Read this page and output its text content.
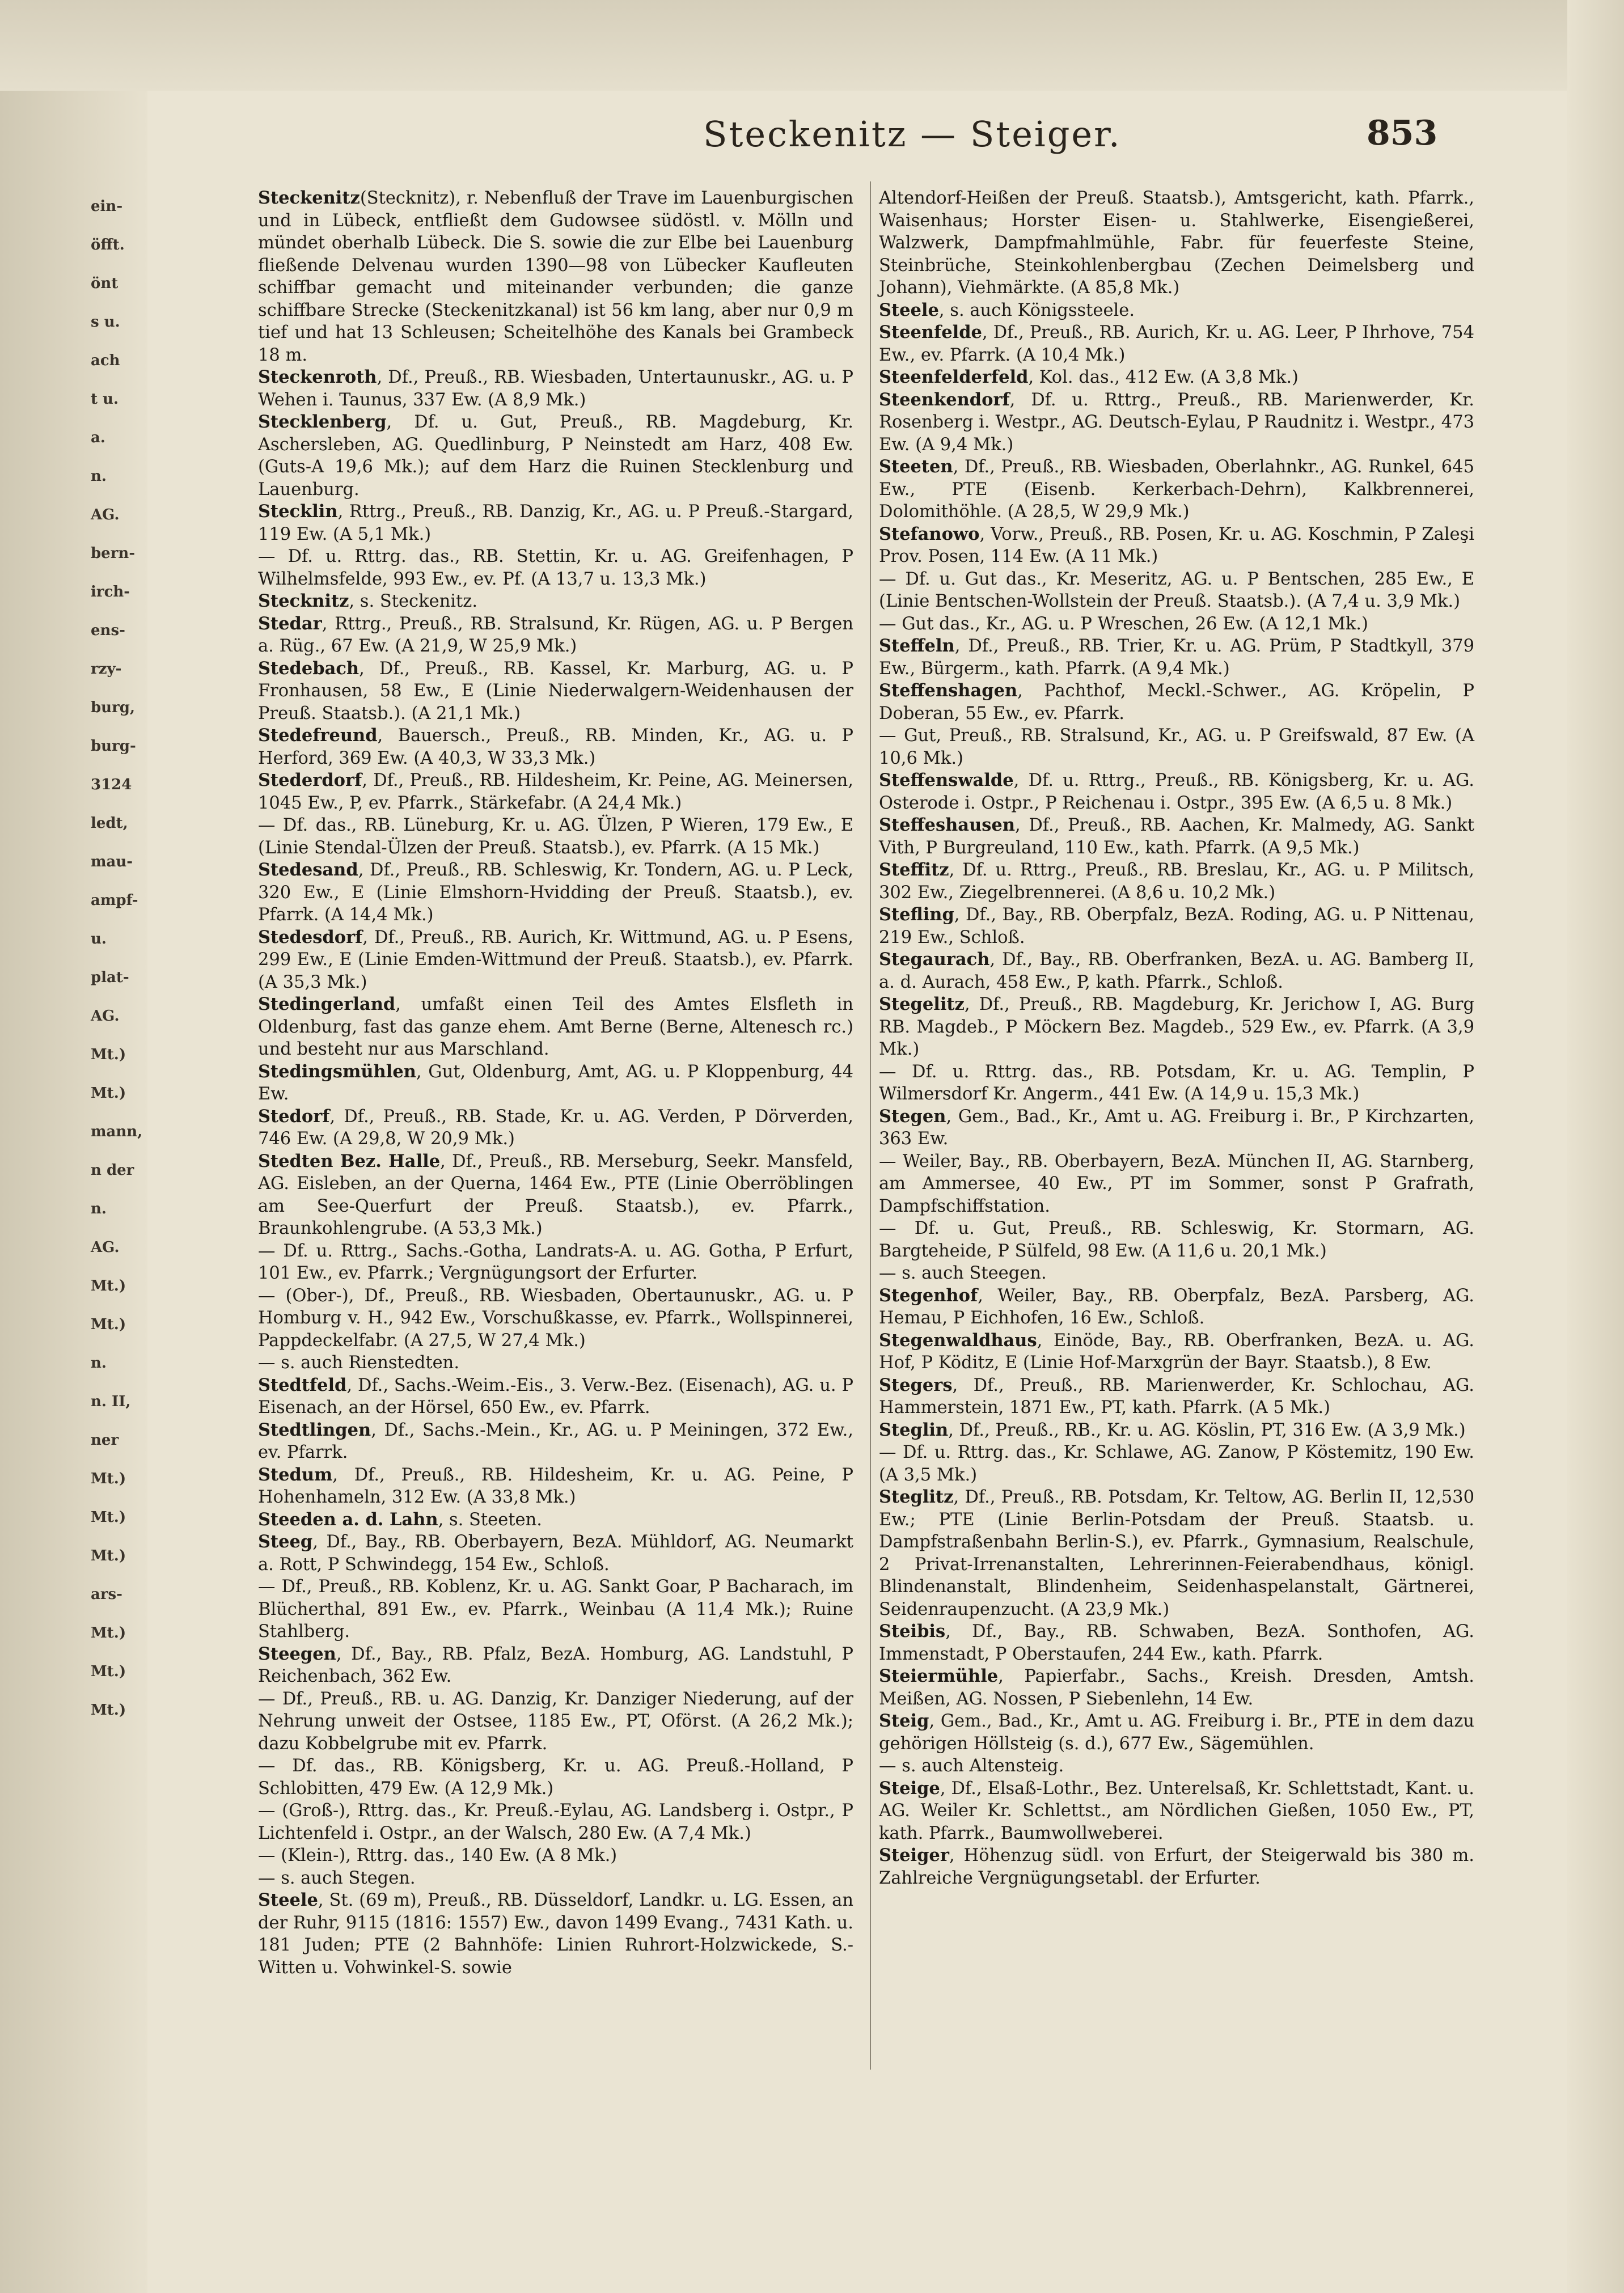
ein-
öfft.
önt
s u.
ach
t u.
a.
n.
AG.
bern-
irch-
ens-
rzy-
burg,
burg-
3124
ledt,
mau-
ampf-
u.
plat-
AG.
Mt.)
Mt.)
mann,
n der
n.
AG.
Mt.)
Mt.)
n.
n. II,
ner
Mt.)
Mt.)
Mt.)
ars-
Mt.)
Mt.)
Mt.)
Steckenitz — Steiger.	853

Steckenitz(Stecknitz), r. Nebenfluß der Trave im Lauenburgischen und in Lübeck, entfließt dem Gudowsee südöstl. v. Mölln und mündet oberhalb Lübeck. Die S. sowie die zur Elbe bei Lauenburg fließende Delvenau wurden 1390—98 von Lübecker Kaufleuten schiffbar gemacht und miteinander verbunden; die ganze schiffbare Strecke (Steckenitzkanal) ist 56 km lang, aber nur 0,9 m tief und hat 13 Schleusen; Scheitelhöhe des Kanals bei Grambeck 18 m.

Steckenroth, Df., Preuß., RB. Wiesbaden, Untertaunuskr., AG. u. P Wehen i. Taunus, 337 Ew. (A 8,9 Mk.)

Stecklenberg, Df. u. Gut, Preuß., RB. Magdeburg, Kr. Aschersleben, AG. Quedlinburg, P Neinstedt am Harz, 408 Ew. (Guts-A 19,6 Mk.); auf dem Harz die Ruinen Stecklenburg und Lauenburg.

Stecklin, Rttrg., Preuß., RB. Danzig, Kr., AG. u. P Preuß.-Stargard, 119 Ew. (A 5,1 Mk.)

— Df. u. Rttrg. das., RB. Stettin, Kr. u. AG. Greifenhagen, P Wilhelmsfelde, 993 Ew., ev. Pf. (A 13,7 u. 13,3 Mk.)

Stecknitz, s. Steckenitz.

Stedar, Rttrg., Preuß., RB. Stralsund, Kr. Rügen, AG. u. P Bergen a. Rüg., 67 Ew. (A 21,9, W 25,9 Mk.)

Stedebach, Df., Preuß., RB. Kassel, Kr. Marburg, AG. u. P Fronhausen, 58 Ew., E (Linie Niederwalgern-Weidenhausen der Preuß. Staatsb.). (A 21,1 Mk.)

Stedefreund, Bauersch., Preuß., RB. Minden, Kr., AG. u. P Herford, 369 Ew. (A 40,3, W 33,3 Mk.)

Stederdorf, Df., Preuß., RB. Hildesheim, Kr. Peine, AG. Meinersen, 1045 Ew., P, ev. Pfarrk., Stärkefabr. (A 24,4 Mk.)

— Df. das., RB. Lüneburg, Kr. u. AG. Ülzen, P Wieren, 179 Ew., E (Linie Stendal-Ülzen der Preuß. Staatsb.), ev. Pfarrk. (A 15 Mk.)

Stedesand, Df., Preuß., RB. Schleswig, Kr. Tondern, AG. u. P Leck, 320 Ew., E (Linie Elmshorn-Hvidding der Preuß. Staatsb.), ev. Pfarrk. (A 14,4 Mk.)

Stedesdorf, Df., Preuß., RB. Aurich, Kr. Wittmund, AG. u. P Esens, 299 Ew., E (Linie Emden-Wittmund der Preuß. Staatsb.), ev. Pfarrk. (A 35,3 Mk.)

Stedingerland, umfaßt einen Teil des Amtes Elsfleth in Oldenburg, fast das ganze ehem. Amt Berne (Berne, Altenesch rc.) und besteht nur aus Marschland.

Stedingsmühlen, Gut, Oldenburg, Amt, AG. u. P Kloppenburg, 44 Ew.

Stedorf, Df., Preuß., RB. Stade, Kr. u. AG. Verden, P Dörverden, 746 Ew. (A 29,8, W 20,9 Mk.)

Stedten Bez. Halle, Df., Preuß., RB. Merseburg, Seekr. Mansfeld, AG. Eisleben, an der Querna, 1464 Ew., PTE (Linie Oberröblingen am See-Querfurt der Preuß. Staatsb.), ev. Pfarrk., Braunkohlengrube. (A 53,3 Mk.)

— Df. u. Rttrg., Sachs.-Gotha, Landrats-A. u. AG. Gotha, P Erfurt, 101 Ew., ev. Pfarrk.; Vergnügungsort der Erfurter.

— (Ober-), Df., Preuß., RB. Wiesbaden, Obertaunuskr., AG. u. P Homburg v. H., 942 Ew., Vorschußkasse, ev. Pfarrk., Wollspinnerei, Pappdeckelfabr. (A 27,5, W 27,4 Mk.)

— s. auch Rienstedten.

Stedtfeld, Df., Sachs.-Weim.-Eis., 3. Verw.-Bez. (Eisenach), AG. u. P Eisenach, an der Hörsel, 650 Ew., ev. Pfarrk.

Stedtlingen, Df., Sachs.-Mein., Kr., AG. u. P Meiningen, 372 Ew., ev. Pfarrk.

Stedum, Df., Preuß., RB. Hildesheim, Kr. u. AG. Peine, P Hohenhameln, 312 Ew. (A 33,8 Mk.)

Steeden a. d. Lahn, s. Steeten.

Steeg, Df., Bay., RB. Oberbayern, BezA. Mühldorf, AG. Neumarkt a. Rott, P Schwindegg, 154 Ew., Schloß.

— Df., Preuß., RB. Koblenz, Kr. u. AG. Sankt Goar, P Bacharach, im Blücherthal, 891 Ew., ev. Pfarrk., Weinbau (A 11,4 Mk.); Ruine Stahlberg.

Steegen, Df., Bay., RB. Pfalz, BezA. Homburg, AG. Landstuhl, P Reichenbach, 362 Ew.

— Df., Preuß., RB. u. AG. Danzig, Kr. Danziger Niederung, auf der Nehrung unweit der Ostsee, 1185 Ew., PT, Oförst. (A 26,2 Mk.); dazu Kobbelgrube mit ev. Pfarrk.

— Df. das., RB. Königsberg, Kr. u. AG. Preuß.-Holland, P Schlobitten, 479 Ew. (A 12,9 Mk.)

— (Groß-), Rttrg. das., Kr. Preuß.-Eylau, AG. Landsberg i. Ostpr., P Lichtenfeld i. Ostpr., an der Walsch, 280 Ew. (A 7,4 Mk.)

— (Klein-), Rttrg. das., 140 Ew. (A 8 Mk.)

— s. auch Stegen.

Steele, St. (69 m), Preuß., RB. Düsseldorf, Landkr. u. LG. Essen, an der Ruhr, 9115 (1816: 1557) Ew., davon 1499 Evang., 7431 Kath. u. 181 Juden; PTE (2 Bahnhöfe: Linien Ruhrort-Holzwickede, S.-Witten u. Vohwinkel-S. sowie

Altendorf-Heißen der Preuß. Staatsb.), Amtsgericht, kath. Pfarrk., Waisenhaus; Horster Eisen- u. Stahlwerke, Eisengießerei, Walzwerk, Dampfmahlmühle, Fabr. für feuerfeste Steine, Steinbrüche, Steinkohlenbergbau (Zechen Deimelsberg und Johann), Viehmärkte. (A 85,8 Mk.)

Steele, s. auch Königssteele.

Steenfelde, Df., Preuß., RB. Aurich, Kr. u. AG. Leer, P Ihrhove, 754 Ew., ev. Pfarrk. (A 10,4 Mk.)

Steenfelderfeld, Kol. das., 412 Ew. (A 3,8 Mk.)

Steenkendorf, Df. u. Rttrg., Preuß., RB. Marienwerder, Kr. Rosenberg i. Westpr., AG. Deutsch-Eylau, P Raudnitz i. Westpr., 473 Ew. (A 9,4 Mk.)

Steeten, Df., Preuß., RB. Wiesbaden, Oberlahnkr., AG. Runkel, 645 Ew., PTE (Eisenb. Kerkerbach-Dehrn), Kalkbrennerei, Dolomithöhle. (A 28,5, W 29,9 Mk.)

Stefanowo, Vorw., Preuß., RB. Posen, Kr. u. AG. Koschmin, P Zaleşi Prov. Posen, 114 Ew. (A 11 Mk.)

— Df. u. Gut das., Kr. Meseritz, AG. u. P Bentschen, 285 Ew., E (Linie Bentschen-Wollstein der Preuß. Staatsb.). (A 7,4 u. 3,9 Mk.)

— Gut das., Kr., AG. u. P Wreschen, 26 Ew. (A 12,1 Mk.)

Steffeln, Df., Preuß., RB. Trier, Kr. u. AG. Prüm, P Stadtkyll, 379 Ew., Bürgerm., kath. Pfarrk. (A 9,4 Mk.)

Steffenshagen, Pachthof, Meckl.-Schwer., AG. Kröpelin, P Doberan, 55 Ew., ev. Pfarrk.

— Gut, Preuß., RB. Stralsund, Kr., AG. u. P Greifswald, 87 Ew. (A 10,6 Mk.)

Steffenswalde, Df. u. Rttrg., Preuß., RB. Königsberg, Kr. u. AG. Osterode i. Ostpr., P Reichenau i. Ostpr., 395 Ew. (A 6,5 u. 8 Mk.)

Steffeshausen, Df., Preuß., RB. Aachen, Kr. Malmedy, AG. Sankt Vith, P Burgreuland, 110 Ew., kath. Pfarrk. (A 9,5 Mk.)

Steffitz, Df. u. Rttrg., Preuß., RB. Breslau, Kr., AG. u. P Militsch, 302 Ew., Ziegelbrennerei. (A 8,6 u. 10,2 Mk.)

Stefling, Df., Bay., RB. Oberpfalz, BezA. Roding, AG. u. P Nittenau, 219 Ew., Schloß.

Stegaurach, Df., Bay., RB. Oberfranken, BezA. u. AG. Bamberg II, a. d. Aurach, 458 Ew., P, kath. Pfarrk., Schloß.

Stegelitz, Df., Preuß., RB. Magdeburg, Kr. Jerichow I, AG. Burg RB. Magdeb., P Möckern Bez. Magdeb., 529 Ew., ev. Pfarrk. (A 3,9 Mk.)

— Df. u. Rttrg. das., RB. Potsdam, Kr. u. AG. Templin, P Wilmersdorf Kr. Angerm., 441 Ew. (A 14,9 u. 15,3 Mk.)

Stegen, Gem., Bad., Kr., Amt u. AG. Freiburg i. Br., P Kirchzarten, 363 Ew.

— Weiler, Bay., RB. Oberbayern, BezA. München II, AG. Starnberg, am Ammersee, 40 Ew., PT im Sommer, sonst P Grafrath, Dampfschiffstation.

— Df. u. Gut, Preuß., RB. Schleswig, Kr. Stormarn, AG. Bargteheide, P Sülfeld, 98 Ew. (A 11,6 u. 20,1 Mk.)

— s. auch Steegen.

Stegenhof, Weiler, Bay., RB. Oberpfalz, BezA. Parsberg, AG. Hemau, P Eichhofen, 16 Ew., Schloß.

Stegenwaldhaus, Einöde, Bay., RB. Oberfranken, BezA. u. AG. Hof, P Köditz, E (Linie Hof-Marxgrün der Bayr. Staatsb.), 8 Ew.

Stegers, Df., Preuß., RB. Marienwerder, Kr. Schlochau, AG. Hammerstein, 1871 Ew., PT, kath. Pfarrk. (A 5 Mk.)

Steglin, Df., Preuß., RB., Kr. u. AG. Köslin, PT, 316 Ew. (A 3,9 Mk.)

— Df. u. Rttrg. das., Kr. Schlawe, AG. Zanow, P Köstemitz, 190 Ew. (A 3,5 Mk.)

Steglitz, Df., Preuß., RB. Potsdam, Kr. Teltow, AG. Berlin II, 12,530 Ew.; PTE (Linie Berlin-Potsdam der Preuß. Staatsb. u. Dampfstraßenbahn Berlin-S.), ev. Pfarrk., Gymnasium, Realschule, 2 Privat-Irrenanstalten, Lehrerinnen-Feierabendhaus, königl. Blindenanstalt, Blindenheim, Seidenhaspelanstalt, Gärtnerei, Seidenraupenzucht. (A 23,9 Mk.)

Steibis, Df., Bay., RB. Schwaben, BezA. Sonthofen, AG. Immenstadt, P Oberstaufen, 244 Ew., kath. Pfarrk.

Steiermühle, Papierfabr., Sachs., Kreish. Dresden, Amtsh. Meißen, AG. Nossen, P Siebenlehn, 14 Ew.

Steig, Gem., Bad., Kr., Amt u. AG. Freiburg i. Br., PTE in dem dazu gehörigen Höllsteig (s. d.), 677 Ew., Sägemühlen.

— s. auch Altensteig.

Steige, Df., Elsaß-Lothr., Bez. Unterelsaß, Kr. Schlettstadt, Kant. u. AG. Weiler Kr. Schlettst., am Nördlichen Gießen, 1050 Ew., PT, kath. Pfarrk., Baumwollweberei.

Steiger, Höhenzug südl. von Erfurt, der Steigerwald bis 380 m. Zahlreiche Vergnügungsetabl. der Erfurter.
